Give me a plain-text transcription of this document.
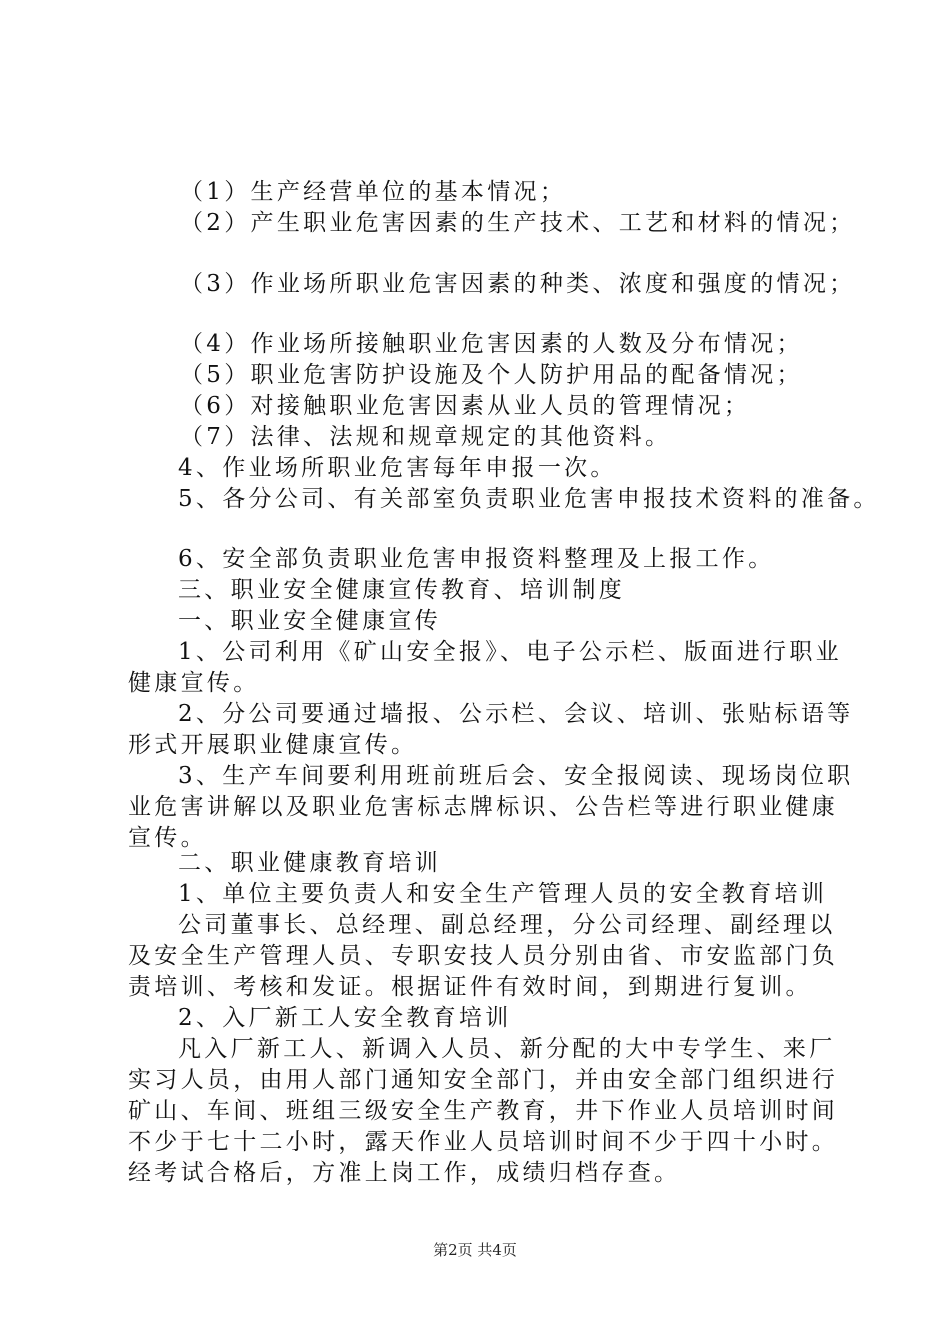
（1）生产经营单位的基本情况；
（2）产生职业危害因素的生产技术、工艺和材料的情况；
（3）作业场所职业危害因素的种类、浓度和强度的情况；
（4）作业场所接触职业危害因素的人数及分布情况；
（5）职业危害防护设施及个人防护用品的配备情况；
（6）对接触职业危害因素从业人员的管理情况；
（7）法律、法规和规章规定的其他资料。
4、作业场所职业危害每年申报一次。
5、各分公司、有关部室负责职业危害申报技术资料的准备。
6、安全部负责职业危害申报资料整理及上报工作。
三、职业安全健康宣传教育、培训制度
一、职业安全健康宣传
1、公司利用《矿山安全报》、电子公示栏、版面进行职业
健康宣传。
2、分公司要通过墙报、公示栏、会议、培训、张贴标语等
形式开展职业健康宣传。
3、生产车间要利用班前班后会、安全报阅读、现场岗位职
业危害讲解以及职业危害标志牌标识、公告栏等进行职业健康
宣传。
二、职业健康教育培训
1、单位主要负责人和安全生产管理人员的安全教育培训
公司董事长、总经理、副总经理，分公司经理、副经理以
及安全生产管理人员、专职安技人员分别由省、市安监部门负
责培训、考核和发证。根据证件有效时间，到期进行复训。
2、入厂新工人安全教育培训
凡入厂新工人、新调入人员、新分配的大中专学生、来厂
实习人员，由用人部门通知安全部门，并由安全部门组织进行
矿山、车间、班组三级安全生产教育，井下作业人员培训时间
不少于七十二小时，露天作业人员培训时间不少于四十小时。
经考试合格后，方准上岗工作，成绩归档存查。
第2页 共4页
